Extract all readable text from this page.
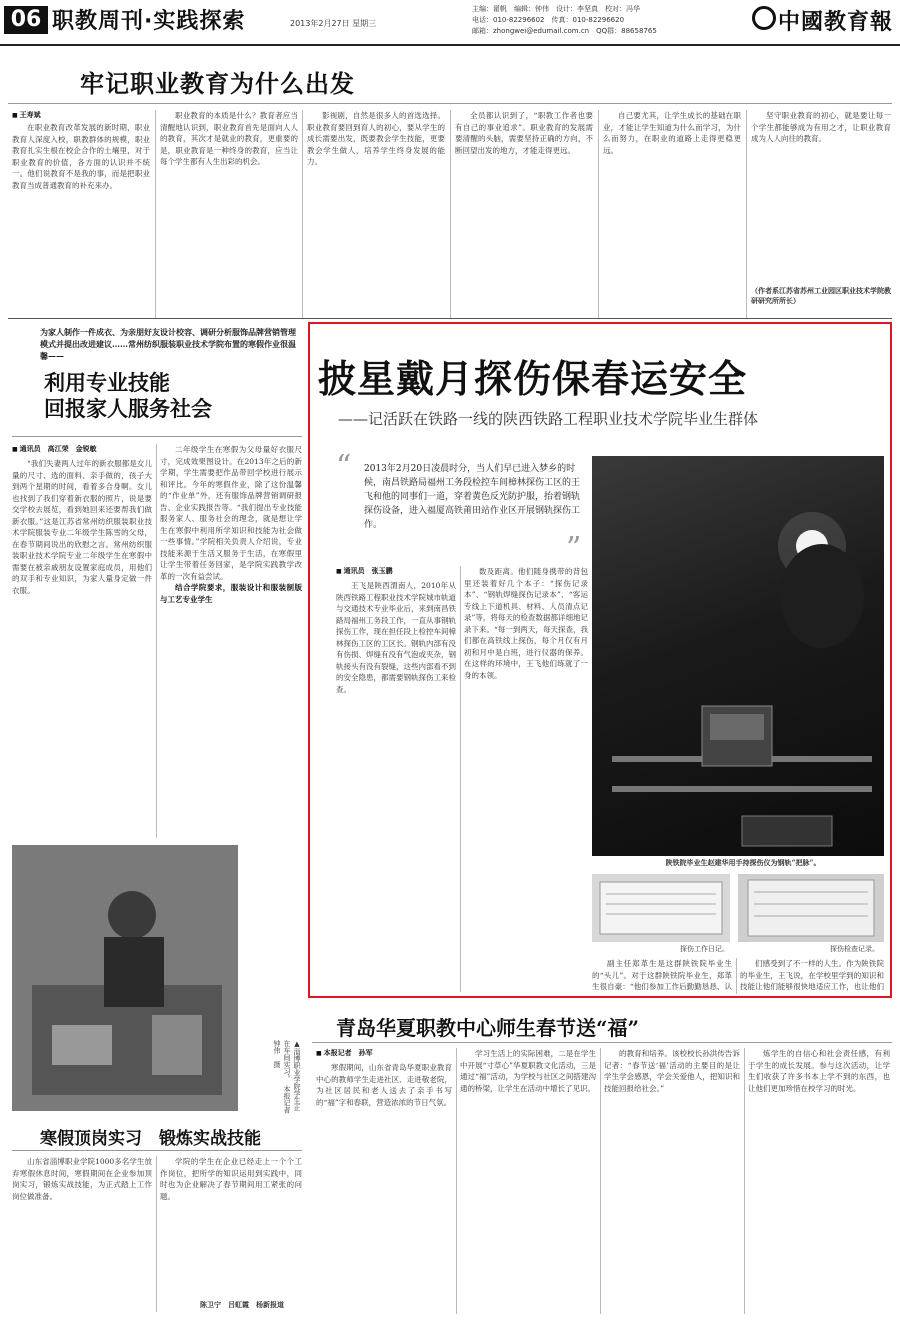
06 职教周刊·实践探索	2013年2月27日 星期三
主编：翟帆　编辑：钟伟　设计：李坚真　校对：冯华
电话：010-82296602　传真：010-82296620
邮箱：zhongwei@edumail.com.cn　QQ群：88658765	中國教育報
牢记职业教育为什么出发
■ 王寿斌

在职业教育改革发展的新时期，职业教育人深度入校，职教群体的规模，职业教育扎实生根在校企合作的土壤里，对于职业教育的价值，各方面的认识并不统一。他们说教育不是我的事，而是把职业教育当成普通教育的补充来办。

职业教育的本质是什么？教育者应当清醒地认识到，职业教育首先是面向人人的教育，其次才是就业的教育，更重要的是，职业教育是一种终身的教育，应当让每个学生都有人生出彩的机会。

影视剧，自然是很多人的首选选择。职业教育要回到育人的初心，要从学生的成长需要出发，既要教会学生技能，更要教会学生做人，培养学生终身发展的能力。

全员都认识到了，“职教工作者也要有自己的事业追求”。职业教育的发展需要清醒的头脑，需要坚持正确的方向，不断回望出发的地方，才能走得更远。

自己要尤其，让学生成长的基础在职业，才能让学生知道为什么而学习，为什么而努力，在职业的道路上走得更稳更远。

坚守职业教育的初心，就是要让每一个学生都能够成为有用之才，让职业教育成为人人向往的教育。

（作者系江苏省苏州工业园区职业技术学院教研研究所所长）
为家人制作一件成衣、为亲朋好友设计校容、调研分析服饰品牌营销管理模式并提出改进建议……常州纺织服装职业技术学院布置的寒假作业很温馨——
利用专业技能
回报家人服务社会
■ 通讯员　高江荣　金锐敏

“我们失妻两人过年的新衣服都是女儿量的尺寸、选的面料、亲手做的，孩子大到两个星期的时间，看着多合身啊。女儿也找到了我们穿着新衣服的照片，说是要交学校去展览，看到她回来还要帮我们做新衣服。”这是江苏省常州纺织服装职业技术学院服装专业二年级学生陈雪的父母，在春节期间说出的欣慰之言。常州纺织服装职业技术学院专业二年级学生在寒假中需要在被亲戚朋友设置家庭成员，用他们的双手和专业知识，为家人量身定做一件衣服。

二年级学生在寒假为父母量好衣服尺寸，完成效果图设计。在2013年之后的新学期，学生需要把作品带回学校进行展示和评比。今年的寒假作业，除了这份温馨的“作业单”外，还有服饰品牌营销调研报告、企业实践报告等。“我们提出专业技能服务家人、服务社会的理念，就是想让学生在寒假中利用所学知识和技能为社会做一些事情。”学院相关负责人介绍说，专业技能来源于生活又服务于生活，在寒假里让学生带着任务回家，是学院实践教学改革的一次有益尝试。

结合学院要求，服装设计和服装制版与工艺专业学生

▲淄博职业学院学生正在车间实习。　本报记者　钟伟　摄
寒假顶岗实习　锻炼实战技能

山东省淄博职业学院1000多名学生放弃寒假休息时间，寒假期间在企业参加顶岗实习，锻炼实战技能，为正式踏上工作岗位做准备。

学院的学生在企业已经走上一个个工作岗位，把所学的知识运用到实践中，同时也为企业解决了春节期间用工紧张的问题。

陈卫宁　吕虹霞　杨新报道
披星戴月探伤保春运安全
——记活跃在铁路一线的陕西铁路工程职业技术学院毕业生群体
“ 2013年2月20日凌晨时分，当人们早已进入梦乡的时候，南昌铁路局福州工务段检控车间樟林探伤工区的王飞和他的同事们一道，穿着黄色反光防护服，抬着钢轨探伤设备，进入福厦高铁莆田站作业区开展钢轨探伤工作。
”
陕铁院毕业生赵建华用手持探伤仪为钢轨“把脉”。
■ 通讯员　张玉鹏

王飞是陕西渭南人，2010年从陕西铁路工程职业技术学院城市轨道与交通技术专业毕业后，来到南昌铁路局福州工务段工作，一直从事钢轨探伤工作，现在担任段上检控车间樟林探伤工区的工区长。钢轨内部有没有伤损、焊缝有没有气泡或夹杂，钢轨接头有没有裂缝，这些内部看不到的安全隐患，都需要钢轨探伤工来检查。

数及距离。他们随身携带的背包里还装着好几个本子：“探伤记录本”、“钢轨焊缝探伤记录本”、“客运专线上下道机具、材料、人员清点记录”等，将每天的检查数据都详细地记录下来。“每一到两天，每天探查，我们都在高铁线上探伤，每个月仅有月初和月中是白班，进行仪器的保养。在这样的环境中，王飞他们练就了一身的本领。

探伤工作日记。	探伤检查记录。

副主任郑革生是这群陕铁院毕业生的“头儿”。对于这群陕铁院毕业生，郑革生很自豪：“他们参加工作后勤勤恳恳、认

们感受到了不一样的人生。作为陕铁院的毕业生，王飞说，在学校里学到的知识和技能让他们能够很快地适应工作，也让他们

青岛华夏职教中心师生春节送“福”
■ 本报记者　孙军

寒假期间，山东省青岛华夏职业教育中心的教师学生走进社区、走进敬老院，为社区居民和老人送去了亲手书写的“福”字和春联，营造浓浓的节日气氛。

学习生活上的实际困难，二是在学生中开展“寸草心”华夏职教文化活动，三是通过“福”活动，为学校与社区之间搭建沟通的桥梁，让学生在活动中增长了见识。

的教育和培养。该校校长孙洪传告诉记者：“春节送‘福’活动的主要目的是让学生学会感恩，学会关爱他人，把知识和技能回报给社会。”

炼学生的自信心和社会责任感，有利于学生的成长发展。参与这次活动，让学生们收获了许多书本上学不到的东西，也让他们更加珍惜在校学习的时光。
